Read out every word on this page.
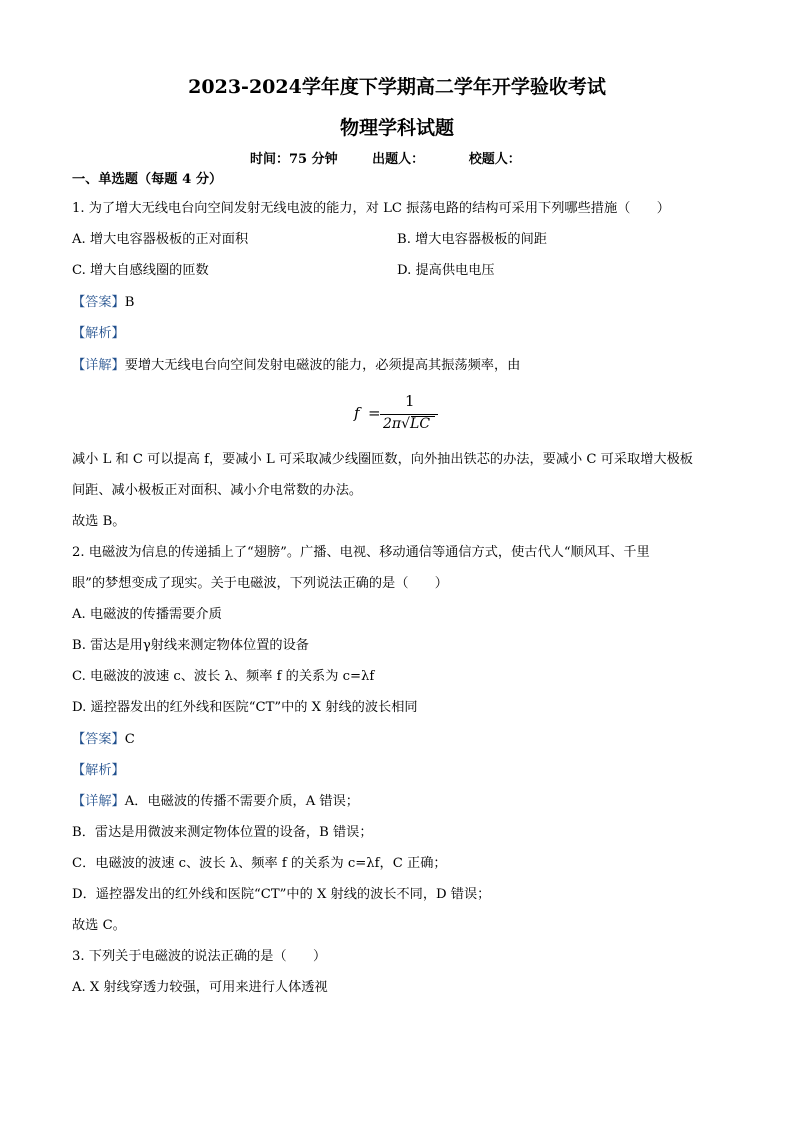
2023-2024学年度下学期高二学年开学验收考试
物理学科试题
时间：75 分钟	出题人：	校题人：
一、单选题（每题 4 分）
1. 为了增大无线电台向空间发射无线电波的能力，对 LC 振荡电路的结构可采用下列哪些措施（　　）
A. 增大电容器极板的正对面积	B. 增大电容器极板的间距
C. 增大自感线圈的匝数	D. 提高供电电压
【答案】B
【解析】
【详解】要增大无线电台向空间发射电磁波的能力，必须提高其振荡频率，由
f =
1
2π√LC
减小 L 和 C 可以提高 f，要减小 L 可采取减少线圈匝数，向外抽出铁芯的办法，要减小 C 可采取增大极板
间距、减小极板正对面积、减小介电常数的办法。
故选 B。
2. 电磁波为信息的传递插上了“翅膀”。广播、电视、移动通信等通信方式，使古代人“顺风耳、千里
眼”的梦想变成了现实。关于电磁波，下列说法正确的是（　　）
A. 电磁波的传播需要介质
B. 雷达是用γ射线来测定物体位置的设备
C. 电磁波的波速 c、波长 λ、频率 f 的关系为 c=λf
D. 遥控器发出的红外线和医院“CT”中的 X 射线的波长相同
【答案】C
【解析】
【详解】A．电磁波的传播不需要介质，A 错误；
B．雷达是用微波来测定物体位置的设备，B 错误；
C．电磁波的波速 c、波长 λ、频率 f 的关系为 c=λf，C 正确；
D．遥控器发出的红外线和医院“CT”中的 X 射线的波长不同，D 错误；
故选 C。
3. 下列关于电磁波的说法正确的是（　　）
A. X 射线穿透力较强，可用来进行人体透视
